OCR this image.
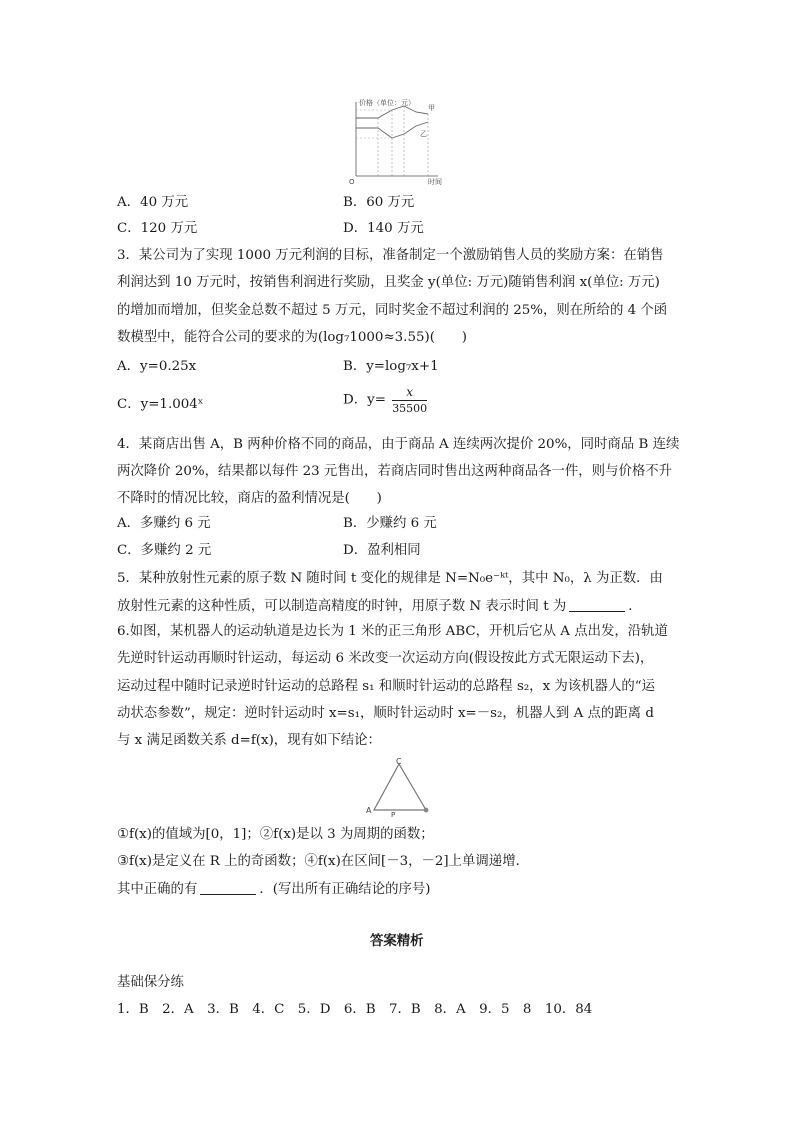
价格（单位：元）
甲
乙
O	时间
A．40 万元	B．60 万元
C．120 万元	D．140 万元
3．某公司为了实现 1000 万元利润的目标，准备制定一个激励销售人员的奖励方案：在销售
利润达到 10 万元时，按销售利润进行奖励，且奖金 y(单位: 万元)随销售利润 x(单位: 万元)
的增加而增加，但奖金总数不超过 5 万元，同时奖金不超过利润的 25%，则在所给的 4 个函
数模型中，能符合公司的要求的为(log₇1000≈3.55)(　　)
A．y=0.25x	B．y=log₇x+1
C．y=1.004ˣ	D．$y= \frac{x}{35500}$
4．某商店出售 A，B 两种价格不同的商品，由于商品 A 连续两次提价 20%，同时商品 B 连续
两次降价 20%，结果都以每件 23 元售出，若商店同时售出这两种商品各一件，则与价格不升
不降时的情况比较，商店的盈利情况是(　　)
A．多赚约 6 元	B．少赚约 6 元
C．多赚约 2 元	D．盈利相同
5．某种放射性元素的原子数 N 随时间 t 变化的规律是 N=N₀e⁻ᵏᵗ，其中 N₀，λ 为正数．由
放射性元素的这种性质，可以制造高精度的时钟，用原子数 N 表示时间 t 为	．
6.如图，某机器人的运动轨道是边长为 1 米的正三角形 ABC，开机后它从 A 点出发，沿轨道
先逆时针运动再顺时针运动，每运动 6 米改变一次运动方向(假设按此方式无限运动下去)，
运动过程中随时记录逆时针运动的总路程 s₁ 和顺时针运动的总路程 s₂，x 为该机器人的“运
动状态参数”，规定：逆时针运动时 x=s₁，顺时针运动时 x=－s₂，机器人到 A 点的距离 d
与 x 满足函数关系 d=f(x)，现有如下结论：
C
A	P
①f(x)的值域为[0，1]；②f(x)是以 3 为周期的函数；
③f(x)是定义在 R 上的奇函数；④f(x)在区间[－3，－2]上单调递增．
其中正确的有	．(写出所有正确结论的序号)
答案精析
基础保分练
1．B　2．A　3．B　4．C　5．D　6．B　7．B　8．A　9．5　8　10．84
